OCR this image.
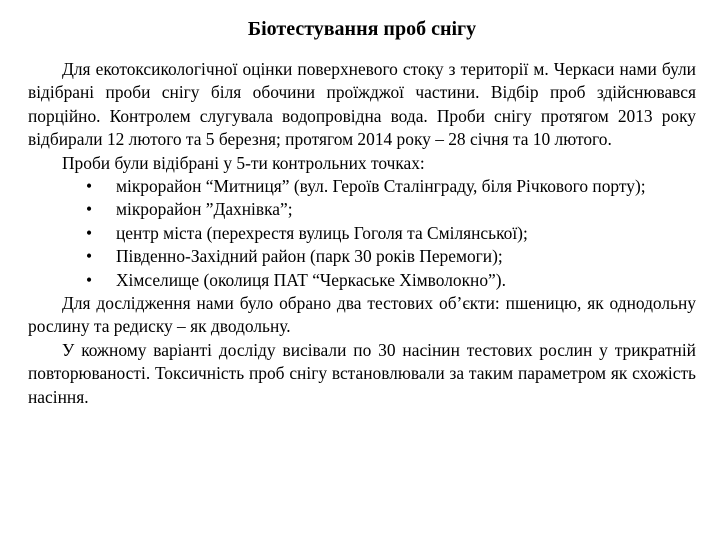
Біотестування проб снігу

Для екотоксикологічної оцінки поверхневого стоку з території м. Черкаси нами були відібрані проби снігу біля обочини проїжджої частини. Відбір проб здійснювався порційно. Контролем слугувала водопровідна вода. Проби снігу протягом 2013 року відбирали 12 лютого та 5 березня; протягом 2014 року – 28 січня та 10 лютого.

Проби були відібрані у 5-ти контрольних точках:

• мікрорайон “Митниця” (вул. Героїв Сталінграду, біля Річкового порту);
• мікрорайон ”Дахнівка”;
• центр міста (перехрестя вулиць Гоголя та Смілянської);
• Південно-Західний район (парк 30 років Перемоги);
• Хімселище (околиця ПАТ “Черкаське Хімволокно”).

Для дослідження нами було обрано два тестових об’єкти: пшеницю, як однодольну рослину та редиску – як дводольну.

У кожному варіанті досліду висівали по 30 насінин тестових рослин у трикратній повторюваності. Токсичність проб снігу встановлювали за таким параметром як схожість насіння.
